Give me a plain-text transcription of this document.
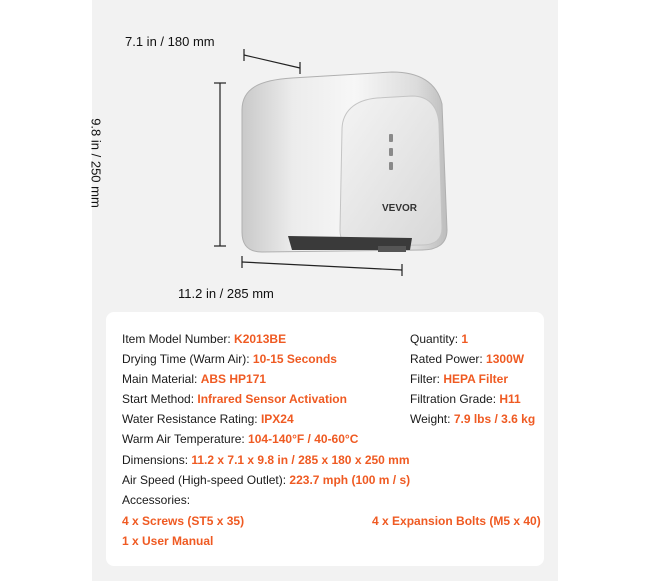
VEVOR
7.1 in / 180 mm
11.2 in / 285 mm
9.8 in / 250 mm
Item Model Number: K2013BE
Drying Time (Warm Air): 10-15 Seconds
Main Material: ABS HP171
Start Method: Infrared Sensor Activation
Water Resistance Rating: IPX24
Warm Air Temperature: 104-140°F / 40-60°C
Dimensions: 11.2 x 7.1 x 9.8 in / 285 x 180 x 250 mm
Air Speed (High-speed Outlet): 223.7 mph (100 m / s)
Accessories:
4 x Screws (ST5 x 35)	4 x Expansion Bolts (M5 x 40)
1 x User Manual
Quantity: 1
Rated Power: 1300W
Filter: HEPA Filter
Filtration Grade: H11
Weight: 7.9 lbs / 3.6 kg
